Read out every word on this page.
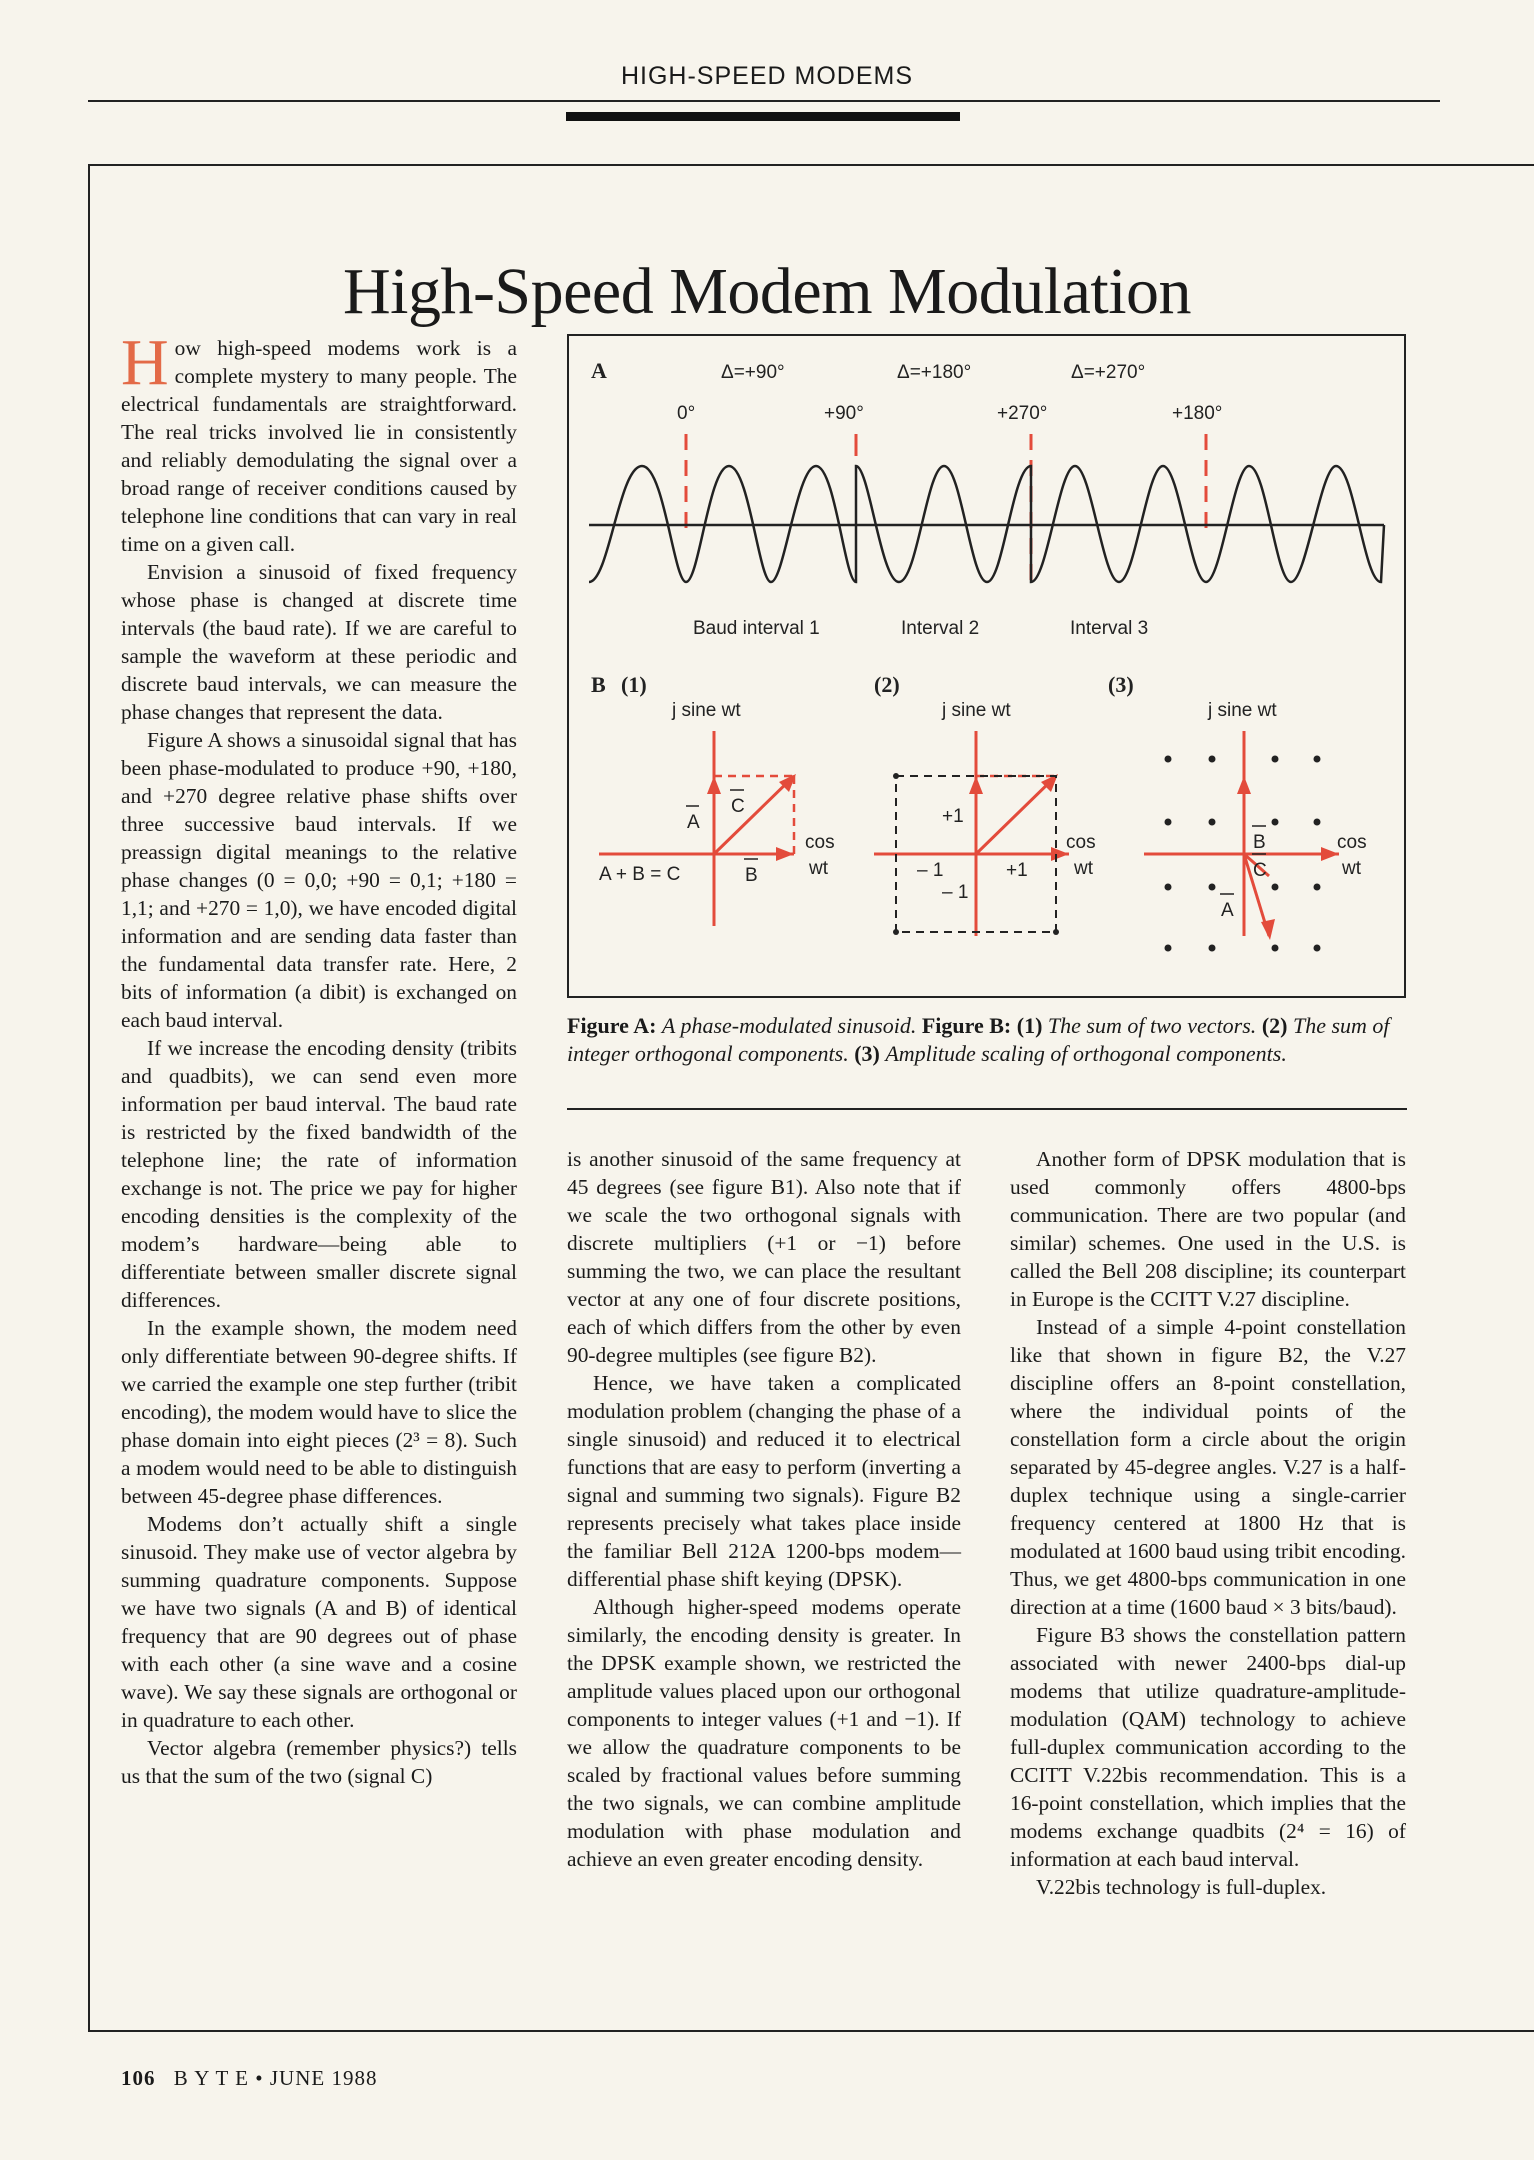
HIGH-SPEED MODEMS
High-Speed Modem Modulation

How high-speed modems work is a complete mystery to many people. The electrical fundamentals are straightforward. The real tricks involved lie in consistently and reliably demodulating the signal over a broad range of receiver conditions caused by telephone line conditions that can vary in real time on a given call.

Envision a sinusoid of fixed frequency whose phase is changed at discrete time intervals (the baud rate). If we are careful to sample the waveform at these periodic and discrete baud intervals, we can measure the phase changes that represent the data.

Figure A shows a sinusoidal signal that has been phase-modulated to produce +90, +180, and +270 degree relative phase shifts over three successive baud intervals. If we preassign digital meanings to the relative phase changes (0 = 0,0; +90 = 0,1; +180 = 1,1; and +270 = 1,0), we have encoded digital information and are sending data faster than the fundamental data transfer rate. Here, 2 bits of information (a dibit) is exchanged on each baud interval.

If we increase the encoding density (tribits and quadbits), we can send even more information per baud interval. The baud rate is restricted by the fixed bandwidth of the telephone line; the rate of information exchange is not. The price we pay for higher encoding densities is the complexity of the modem’s hardware—being able to differentiate between smaller discrete signal differences.

In the example shown, the modem need only differentiate between 90-degree shifts. If we carried the example one step further (tribit encoding), the modem would have to slice the phase domain into eight pieces (2³ = 8). Such a modem would need to be able to distinguish between 45-degree phase differences.

Modems don’t actually shift a single sinusoid. They make use of vector algebra by summing quadrature components. Suppose we have two signals (A and B) of identical frequency that are 90 degrees out of phase with each other (a sine wave and a cosine wave). We say these signals are orthogonal or in quadrature to each other.

Vector algebra (remember physics?) tells us that the sum of the two (signal C)

A	Δ=+90°	Δ=+180°	Δ=+270°
0°	+90°	+270°	+180°
Baud interval 1	Interval 2	Interval 3
B (1)	(2)	(3)
j sine wt
A
C
B
A + B = C
cos
wt
j sine wt
+1
– 1	+1
– 1
cos
wt
j sine wt
B
C
A
cos
wt
Figure A: A phase-modulated sinusoid. Figure B: (1) The sum of two vectors. (2) The sum of integer orthogonal components. (3) Amplitude scaling of orthogonal components.

is another sinusoid of the same frequency at 45 degrees (see figure B1). Also note that if we scale the two orthogonal signals with discrete multipliers (+1 or −1) before summing the two, we can place the resultant vector at any one of four discrete positions, each of which differs from the other by even 90-degree multiples (see figure B2).

Hence, we have taken a complicated modulation problem (changing the phase of a single sinusoid) and reduced it to electrical functions that are easy to perform (inverting a signal and summing two signals). Figure B2 represents precisely what takes place inside the familiar Bell 212A 1200-bps modem—differential phase shift keying (DPSK).

Although higher-speed modems operate similarly, the encoding density is greater. In the DPSK example shown, we restricted the amplitude values placed upon our orthogonal components to integer values (+1 and −1). If we allow the quadrature components to be scaled by fractional values before summing the two signals, we can combine amplitude modulation with phase modulation and achieve an even greater encoding density.

Another form of DPSK modulation that is used commonly offers 4800-bps communication. There are two popular (and similar) schemes. One used in the U.S. is called the Bell 208 discipline; its counterpart in Europe is the CCITT V.27 discipline.

Instead of a simple 4-point constellation like that shown in figure B2, the V.27 discipline offers an 8-point constellation, where the individual points of the constellation form a circle about the origin separated by 45-degree angles. V.27 is a half-duplex technique using a single-carrier frequency centered at 1800 Hz that is modulated at 1600 baud using tribit encoding. Thus, we get 4800-bps communication in one direction at a time (1600 baud × 3 bits/baud).

Figure B3 shows the constellation pattern associated with newer 2400-bps dial-up modems that utilize quadrature-amplitude-modulation (QAM) technology to achieve full-duplex communication according to the CCITT V.22bis recommendation. This is a 16-point constellation, which implies that the modems exchange quadbits (2⁴ = 16) of information at each baud interval.

V.22bis technology is full-duplex.

106 B Y T E • JUNE 1988
